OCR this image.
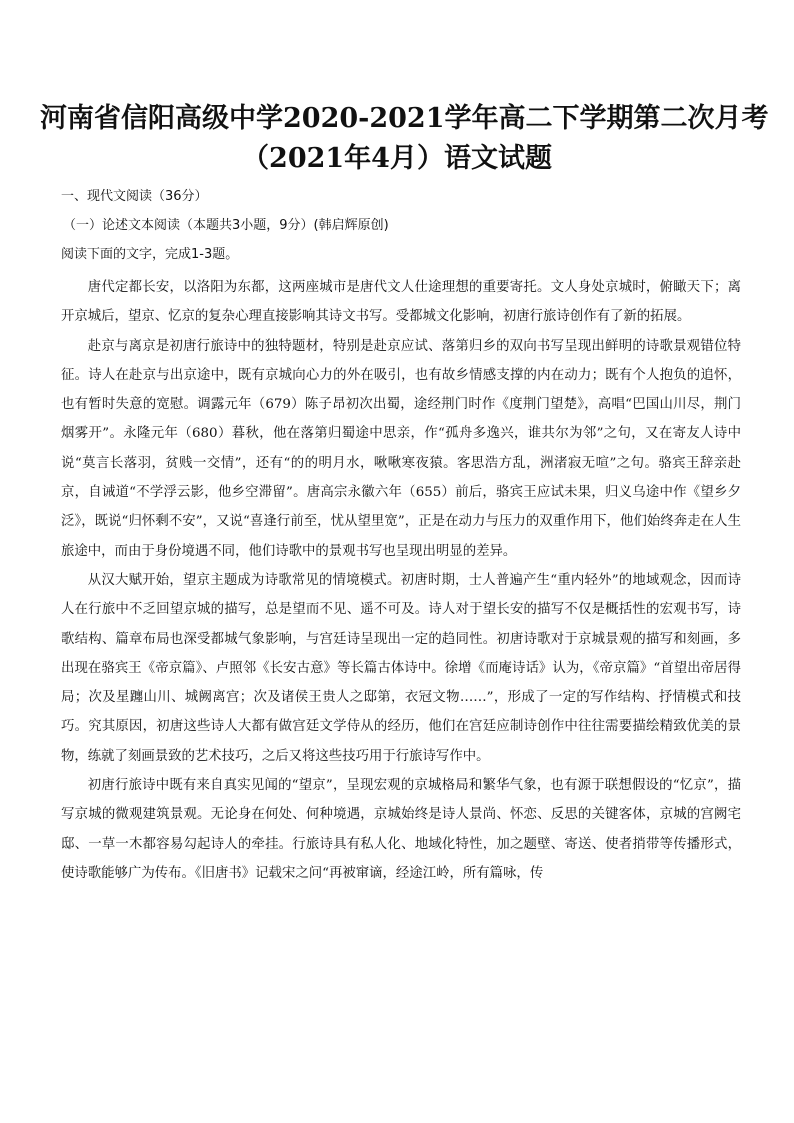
河南省信阳高级中学2020-2021学年高二下学期第二次月考
（2021年4月）语文试题
一、现代文阅读（36分）
（一）论述文本阅读（本题共3小题，9分）(韩启辉原创)
阅读下面的文字，完成1-3题。

唐代定都长安，以洛阳为东都，这两座城市是唐代文人仕途理想的重要寄托。文人身处京城时，俯瞰天下；离开京城后，望京、忆京的复杂心理直接影响其诗文书写。受都城文化影响，初唐行旅诗创作有了新的拓展。

赴京与离京是初唐行旅诗中的独特题材，特别是赴京应试、落第归乡的双向书写呈现出鲜明的诗歌景观错位特征。诗人在赴京与出京途中，既有京城向心力的外在吸引，也有故乡情感支撑的内在动力；既有个人抱负的追怀，也有暂时失意的宽慰。调露元年（679）陈子昂初次出蜀，途经荆门时作《度荆门望楚》，高唱“巴国山川尽，荆门烟雾开”。永隆元年（680）暮秋，他在落第归蜀途中思亲，作“孤舟多逸兴，谁共尔为邻”之句，又在寄友人诗中说“莫言长落羽，贫贱一交情”，还有“的的明月水，啾啾寒夜猿。客思浩方乱，洲渚寂无喧”之句。骆宾王辞亲赴京，自诫道“不学浮云影，他乡空滞留”。唐高宗永徽六年（655）前后，骆宾王应试未果，归义乌途中作《望乡夕泛》，既说“归怀剩不安”，又说“喜逢行前至，忧从望里宽”，正是在动力与压力的双重作用下，他们始终奔走在人生旅途中，而由于身份境遇不同，他们诗歌中的景观书写也呈现出明显的差异。

从汉大赋开始，望京主题成为诗歌常见的情境模式。初唐时期，士人普遍产生“重内轻外”的地域观念，因而诗人在行旅中不乏回望京城的描写，总是望而不见、遥不可及。诗人对于望长安的描写不仅是概括性的宏观书写，诗歌结构、篇章布局也深受都城气象影响，与宫廷诗呈现出一定的趋同性。初唐诗歌对于京城景观的描写和刻画，多出现在骆宾王《帝京篇》、卢照邻《长安古意》等长篇古体诗中。徐增《而庵诗话》认为，《帝京篇》“首望出帝居得局；次及星躔山川、城阙离宫；次及诸侯王贵人之邸第，衣冠文物……”，形成了一定的写作结构、抒情模式和技巧。究其原因，初唐这些诗人大都有做宫廷文学侍从的经历，他们在宫廷应制诗创作中往往需要描绘精致优美的景物，练就了刻画景致的艺术技巧，之后又将这些技巧用于行旅诗写作中。

初唐行旅诗中既有来自真实见闻的“望京”，呈现宏观的京城格局和繁华气象，也有源于联想假设的“忆京”，描写京城的微观建筑景观。无论身在何处、何种境遇，京城始终是诗人景尚、怀恋、反思的关键客体，京城的宫阙宅邸、一草一木都容易勾起诗人的牵挂。行旅诗具有私人化、地域化特性，加之题壁、寄送、使者捎带等传播形式，使诗歌能够广为传布。《旧唐书》记载宋之问“再被窜谪，经途江岭，所有篇咏，传
